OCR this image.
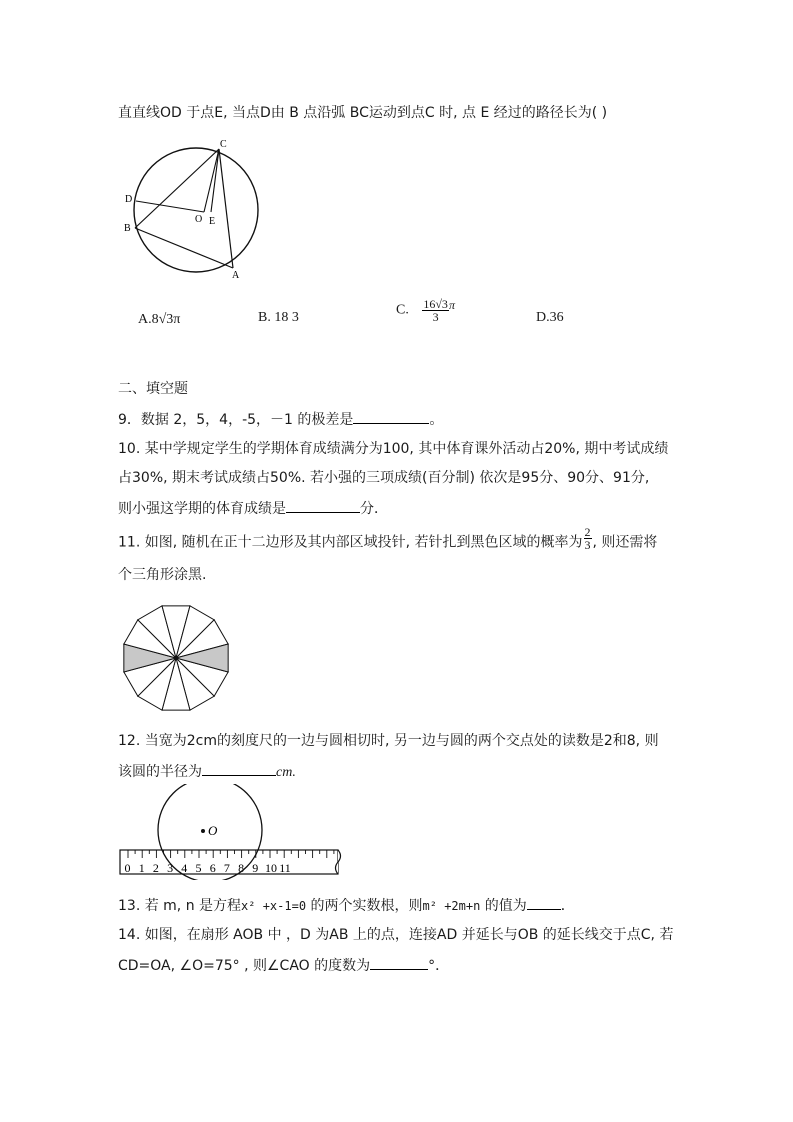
直直线OD 于点E, 当点D由 B 点沿弧 BC运动到点C 时, 点 E 经过的路径长为( )
C
D
B
O E
A
A.8√3π	B. 18 3	C. $\frac{16√3}{3}$ π
D.36
二、填空题
9．数据 2，5，4，-5，－1 的极差是	。
10. 某中学规定学生的学期体育成绩满分为100, 其中体育课外活动占20%, 期中考试成绩
占30%, 期末考试成绩占50%. 若小强的三项成绩(百分制) 依次是95分、90分、91分,
则小强这学期的体育成绩是	分．
11. 如图, 随机在正十二边形及其内部区域投针, 若针扎到黑色区域的概率为 $\frac{2}{3}$ , 则还需将
个三角形涂黑.
12. 当宽为2cm的刻度尺的一边与圆相切时, 另一边与圆的两个交点处的读数是2和8, 则
该圆的半径为	cm.
0 1 2 3 4 5 6 7 8 9 10 11
O
13. 若 m, n 是方程x² +x-1=0 的两个实数根，则m² +2m+n 的值为 ．
14. 如图，在扇形 AOB 中 ，D 为AB 上的点，连接AD 并延长与OB 的延长线交于点C, 若
CD=OA, ∠O=75° , 则∠CAO 的度数为	°．
